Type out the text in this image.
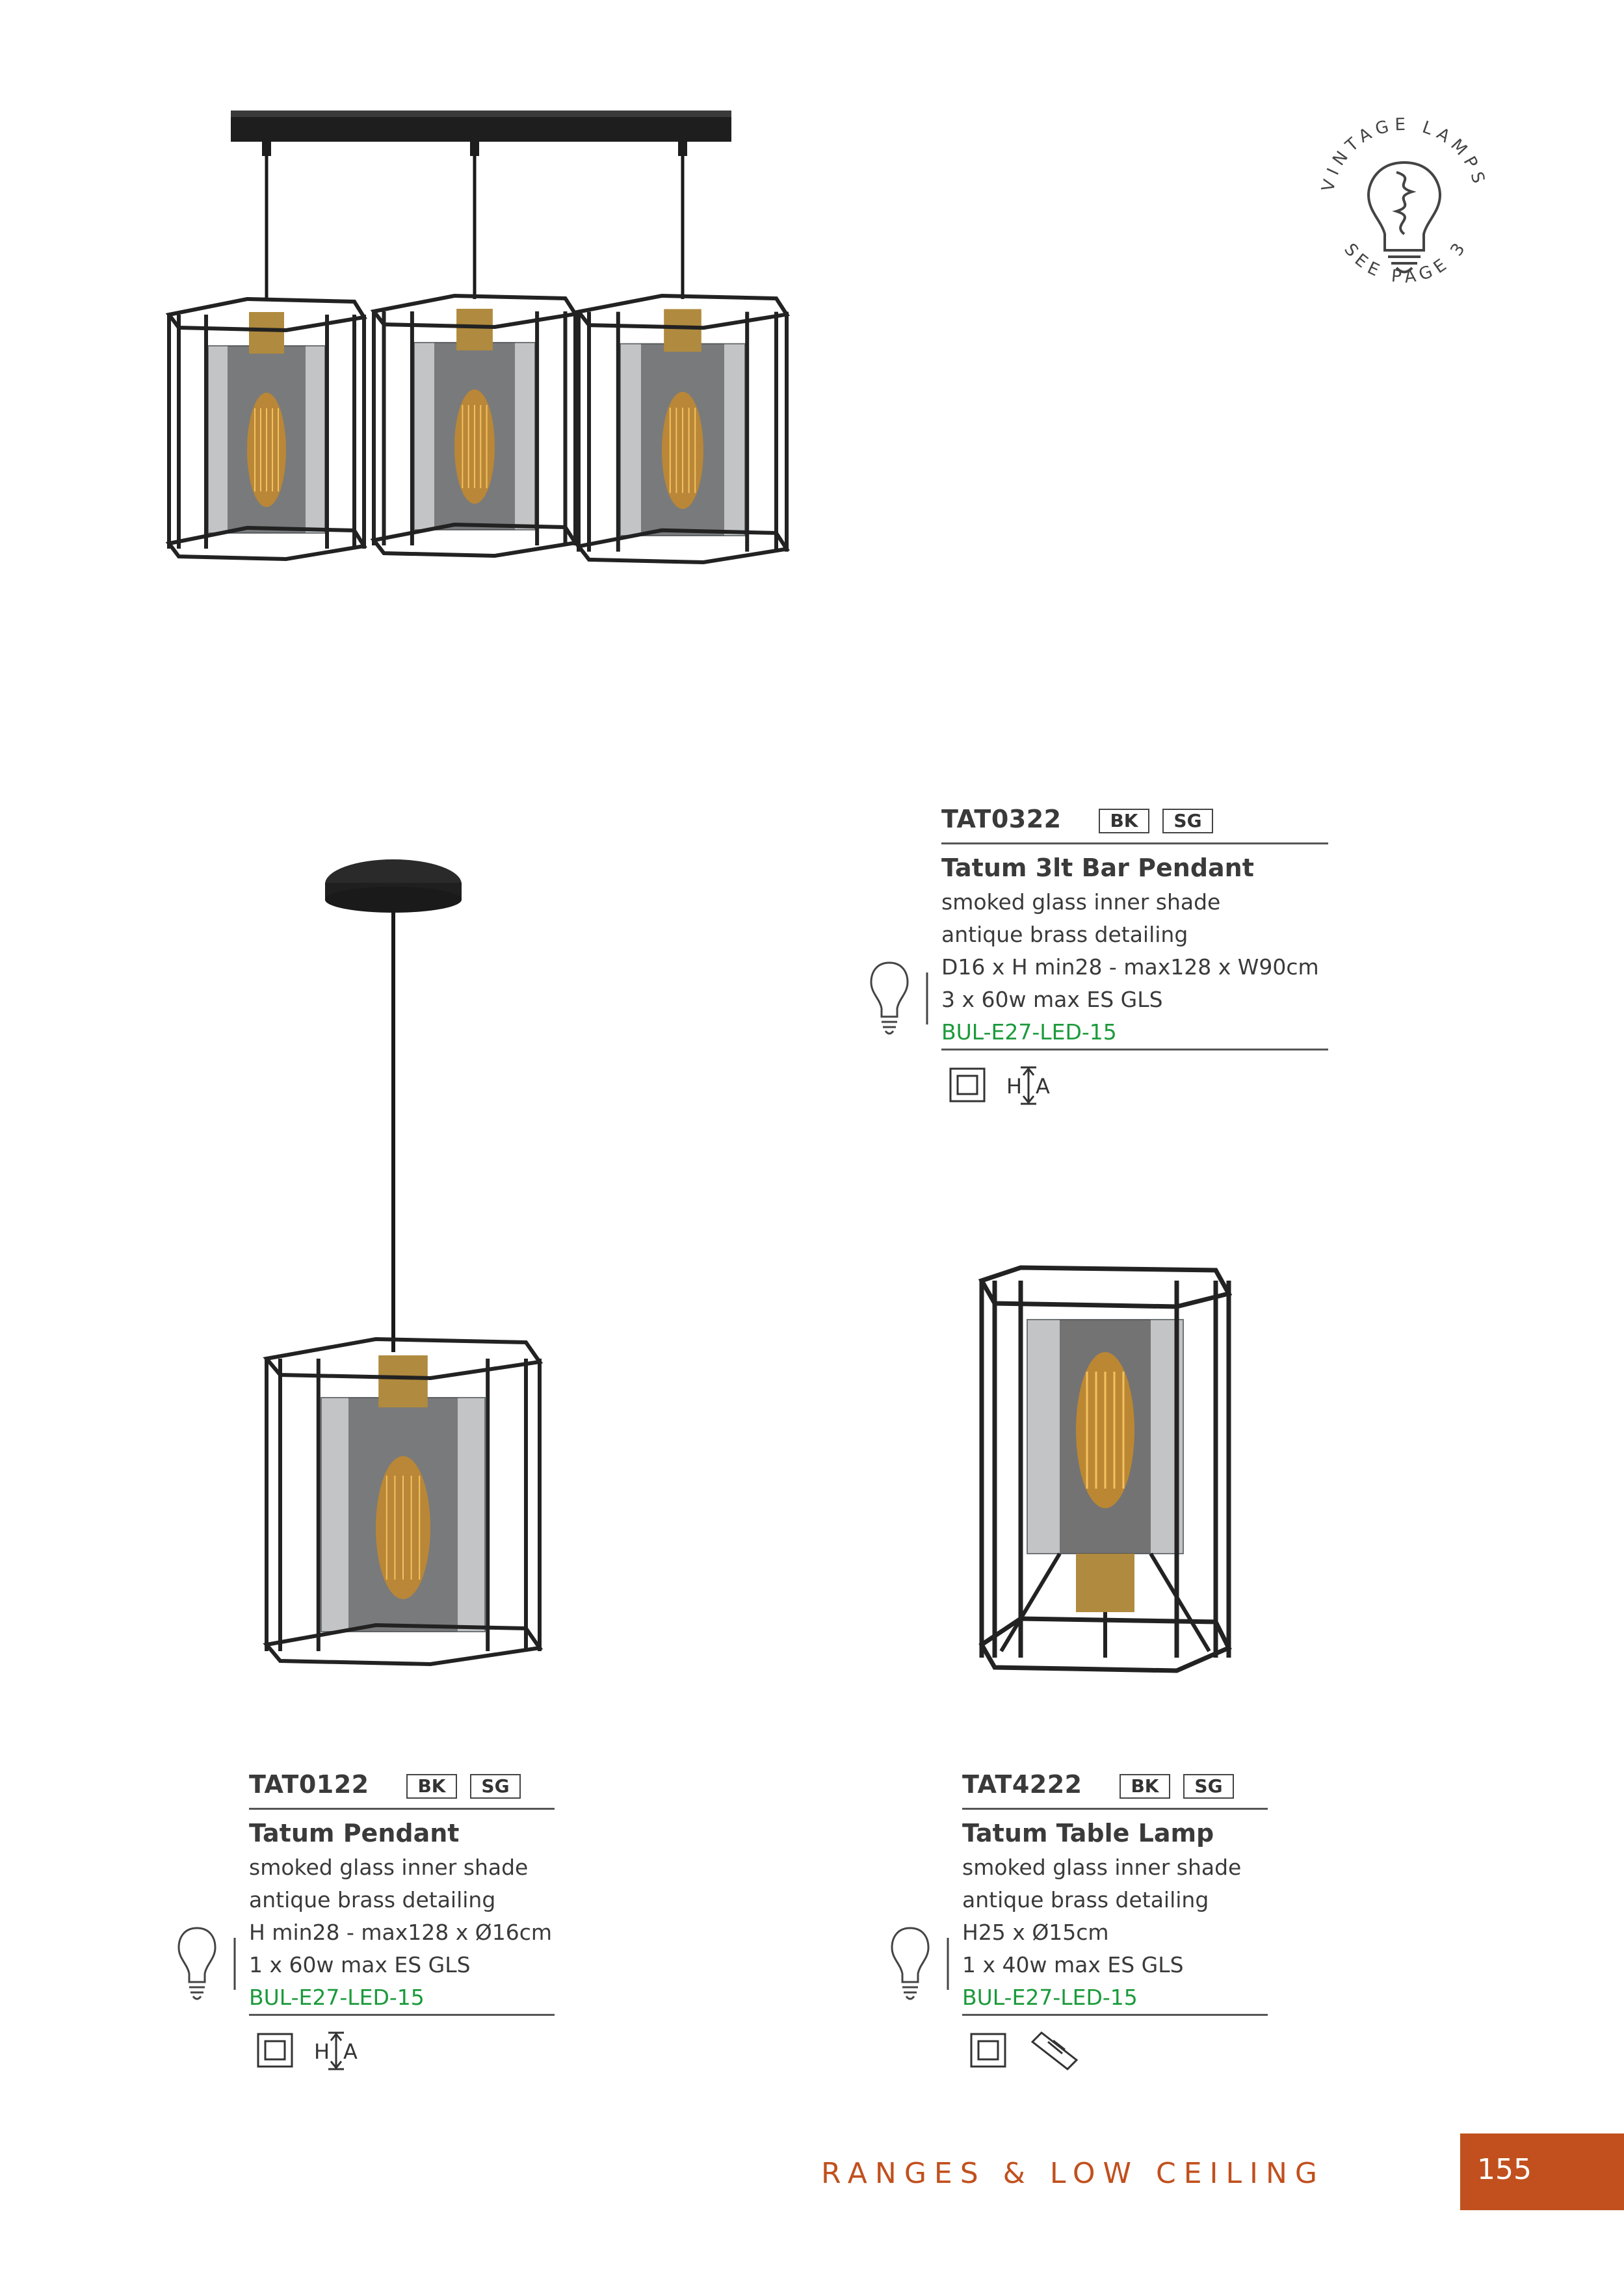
VINTAGE LAMPS
SEE PAGE 354
TAT0322	BK	SG
Tatum 3lt Bar Pendant
smoked glass inner shade
antique brass detailing
D16 x H min28 - max128 x W90cm
3 x 60w max ES GLS
BUL-E27-LED-15
H A
TAT0122	BK	SG
Tatum Pendant
smoked glass inner shade
antique brass detailing
H min28 - max128 x Ø16cm
1 x 60w max ES GLS
BUL-E27-LED-15
H A
TAT4222	BK	SG
Tatum Table Lamp
smoked glass inner shade
antique brass detailing
H25 x Ø15cm
1 x 40w max ES GLS
BUL-E27-LED-15
RANGES & LOW CEILING	155
